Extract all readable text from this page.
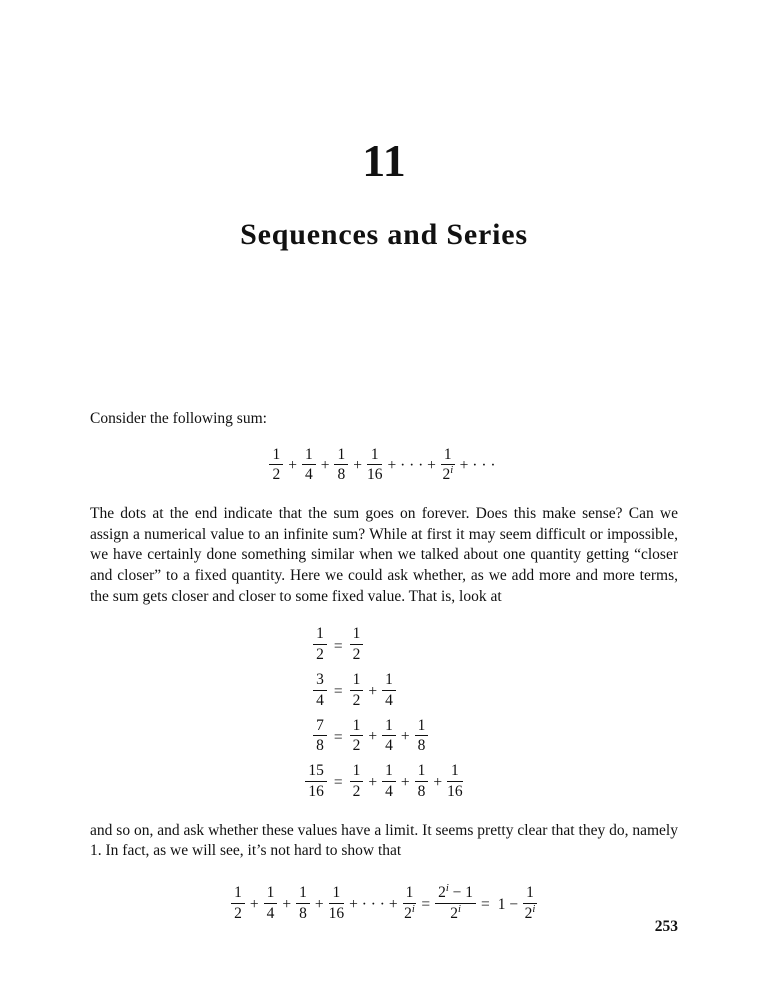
11
Sequences and Series

Consider the following sum:

$\frac{1}{2} + \frac{1}{4} + \frac{1}{8} + \frac{1}{16}$ + · · · + $\frac{1}{2^i}$ + · · ·

The dots at the end indicate that the sum goes on forever. Does this make sense? Can we assign a numerical value to an infinite sum? While at first it may seem difficult or impossible, we have certainly done something similar when we talked about one quantity getting “closer and closer” to a fixed quantity. Here we could ask whether, as we add more and more terms, the sum gets closer and closer to some fixed value. That is, look at

$\frac{1}{2} = \frac{1}{2}$
$\frac{3}{4} = \frac{1}{2} + \frac{1}{4}$
$\frac{7}{8} = \frac{1}{2} + \frac{1}{4} + \frac{1}{8}$
$\frac{15}{16} = \frac{1}{2} + \frac{1}{4} + \frac{1}{8} + \frac{1}{16}$

and so on, and ask whether these values have a limit. It seems pretty clear that they do, namely 1. In fact, as we will see, it’s not hard to show that

$\frac{1}{2} + \frac{1}{4} + \frac{1}{8} + \frac{1}{16}$ + · · · + $\frac{1}{2^i} = \frac{2^i - 1}{2^i} = 1 - \frac{1}{2^i}$
253
